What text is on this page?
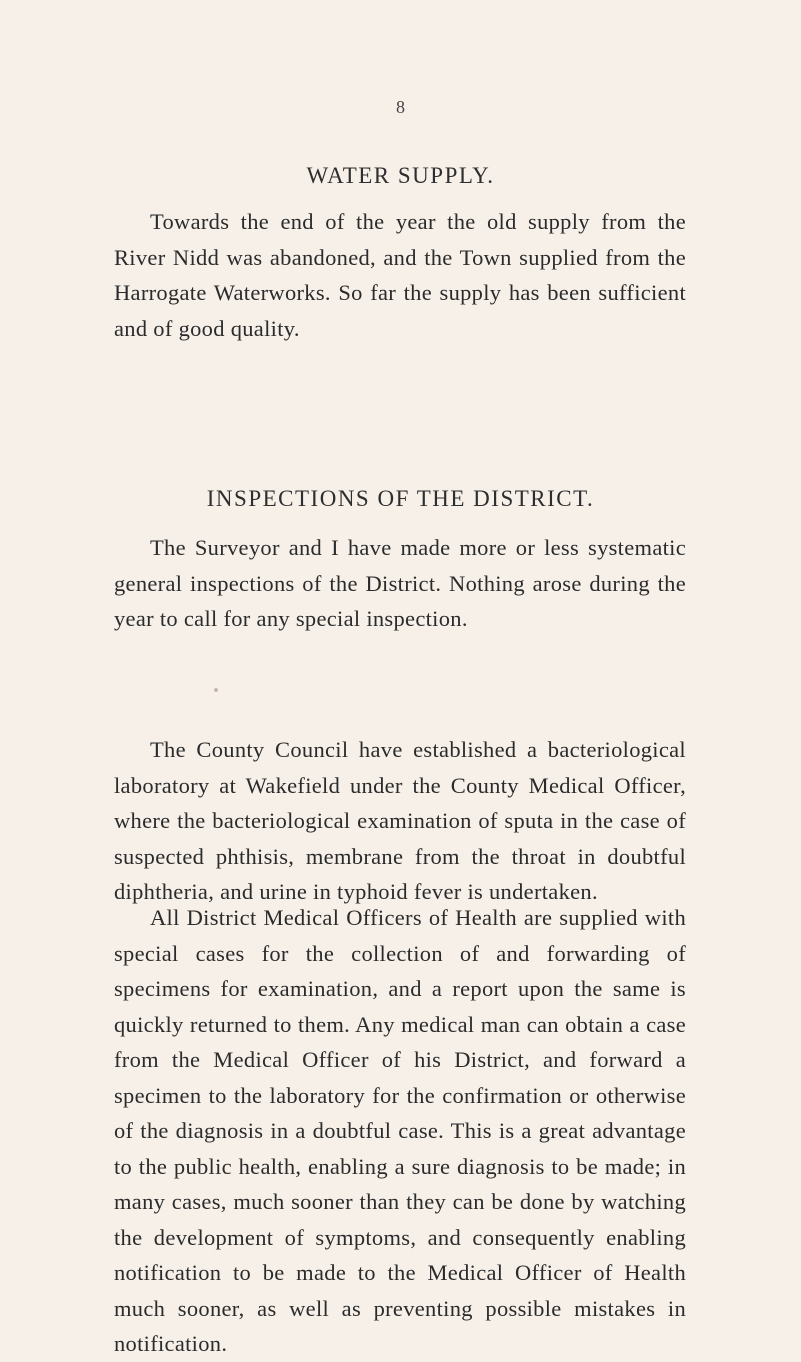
8
WATER SUPPLY.

Towards the end of the year the old supply from the River Nidd was abandoned, and the Town supplied from the Harrogate Waterworks. So far the supply has been sufficient and of good quality.

INSPECTIONS OF THE DISTRICT.

The Surveyor and I have made more or less systematic general inspections of the District. Nothing arose during the year to call for any special inspection.

The County Council have established a bacteriological laboratory at Wakefield under the County Medical Officer, where the bacteriological examination of sputa in the case of suspected phthisis, membrane from the throat in doubtful diphtheria, and urine in typhoid fever is undertaken.

All District Medical Officers of Health are supplied with special cases for the collection of and forwarding of specimens for examination, and a report upon the same is quickly returned to them. Any medical man can obtain a case from the Medical Officer of his District, and forward a specimen to the laboratory for the confirmation or otherwise of the diagnosis in a doubtful case. This is a great advantage to the public health, enabling a sure diagnosis to be made; in many cases, much sooner than they can be done by watching the development of symptoms, and consequently enabling notification to be made to the Medical Officer of Health much sooner, as well as preventing possible mistakes in notification.
